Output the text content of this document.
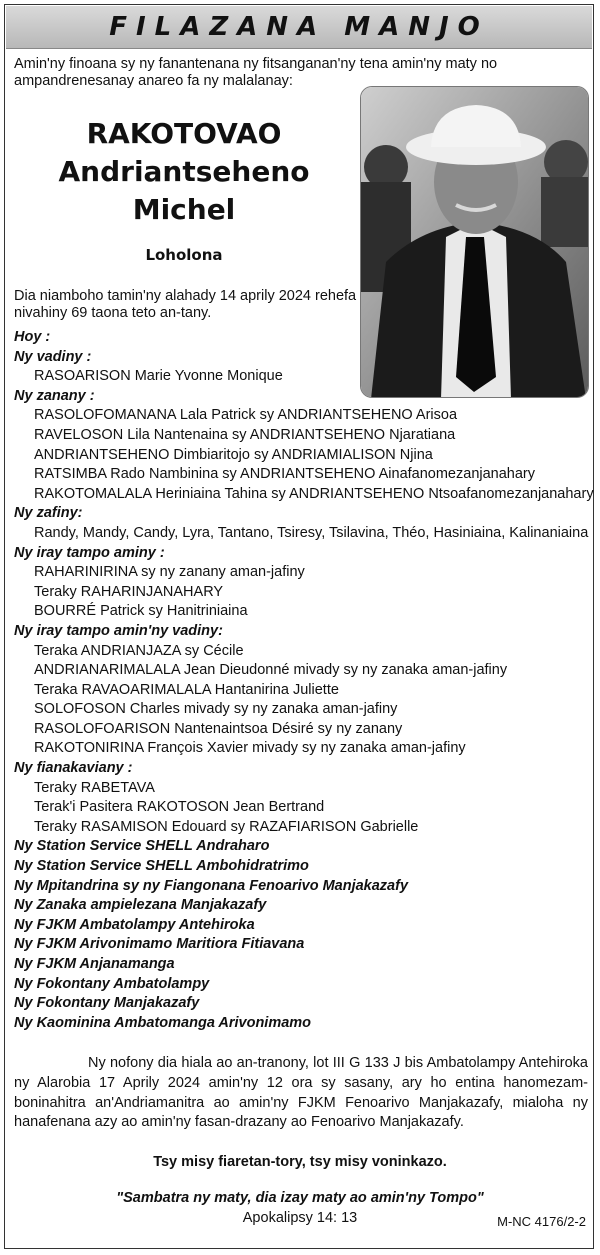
FILAZANA MANJO
Amin'ny finoana sy ny fanantenana ny fitsanganan'ny tena amin'ny maty no ampandrenesanay anareo fa ny malalanay:
RAKOTOVAO
Andriantseheno
Michel
Loholona
Dia niamboho tamin'ny alahady 14 aprily 2024 rehefa nivahiny 69 taona teto an-tany.
Hoy :
Ny vadiny :
RASOARISON Marie Yvonne Monique
Ny zanany :
RASOLOFOMANANA Lala Patrick sy ANDRIANTSEHENO Arisoa
RAVELOSON Lila Nantenaina sy ANDRIANTSEHENO Njaratiana
ANDRIANTSEHENO Dimbiaritojo sy ANDRIAMIALISON Njina
RATSIMBA Rado Nambinina sy ANDRIANTSEHENO Ainafanomezanjanahary
RAKOTOMALALA Heriniaina Tahina sy ANDRIANTSEHENO Ntsoafanomezanjanahary
Ny zafiny:
Randy, Mandy, Candy, Lyra, Tantano, Tsiresy, Tsilavina, Théo, Hasiniaina, Kalinaniaina
Ny iray tampo aminy :
RAHARINIRINA sy ny zanany aman-jafiny
Teraky RAHARINJANAHARY
BOURRÉ Patrick sy Hanitriniaina
Ny iray tampo amin'ny vadiny:
Teraka ANDRIANJAZA sy Cécile
ANDRIANARIMALALA Jean Dieudonné mivady sy ny zanaka aman-jafiny
Teraka RAVAOARIMALALA Hantanirina Juliette
SOLOFOSON Charles mivady sy ny zanaka aman-jafiny
RASOLOFOARISON Nantenaintsoa Désiré sy ny zanany
RAKOTONIRINA François Xavier mivady sy ny zanaka aman-jafiny
Ny fianakaviany :
Teraky RABETAVA
Terak'i Pasitera RAKOTOSON Jean Bertrand
Teraky RASAMISON Edouard sy RAZAFIARISON Gabrielle
Ny Station Service SHELL Andraharo
Ny Station Service SHELL Ambohidratrimo
Ny Mpitandrina sy ny Fiangonana Fenoarivo Manjakazafy
Ny Zanaka ampielezana Manjakazafy
Ny FJKM Ambatolampy Antehiroka
Ny FJKM Arivonimamo Maritiora Fitiavana
Ny FJKM Anjanamanga
Ny Fokontany Ambatolampy
Ny Fokontany Manjakazafy
Ny Kaominina Ambatomanga Arivonimamo
Ny nofony dia hiala ao an-tranony, lot III G 133 J bis Ambatolampy Antehiroka ny Alarobia 17 Aprily 2024 amin'ny 12 ora sy sasany, ary ho entina hanomezam-boninahitra an'Andriamanitra ao amin'ny FJKM Fenoarivo Manjakazafy, mialoha ny hanafenana azy ao amin'ny fasan-drazany ao Fenoarivo Manjakazafy.
Tsy misy fiaretan-tory, tsy misy voninkazo.
"Sambatra ny maty, dia izay maty ao amin'ny Tompo"
Apokalipsy 14: 13	M-NC 4176/2-2
